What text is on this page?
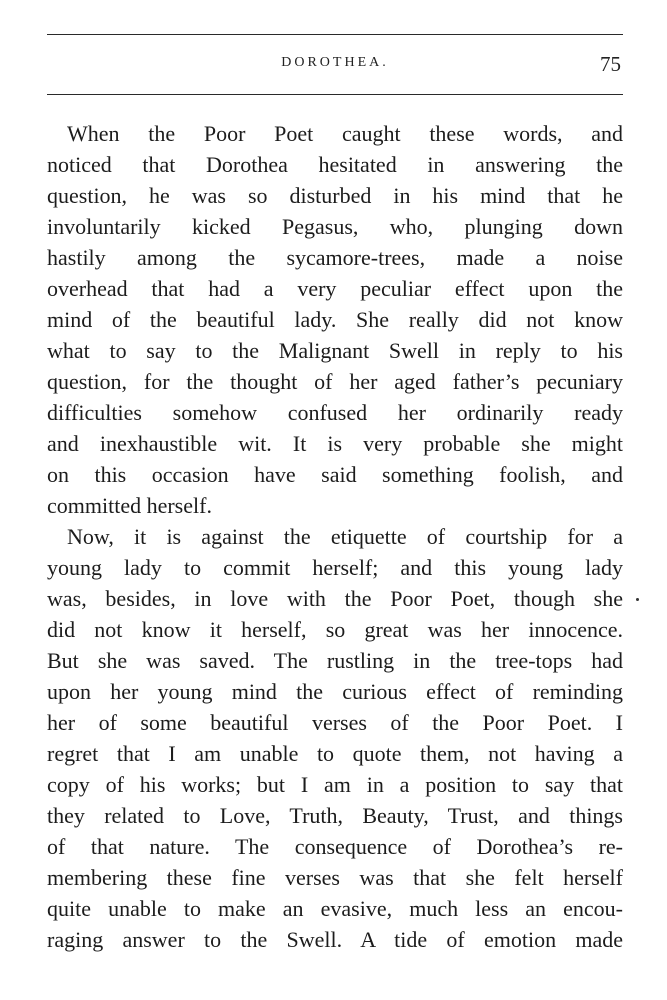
DOROTHEA.	75
When the Poor Poet caught these words, and
noticed that Dorothea hesitated in answering the
question, he was so disturbed in his mind that he
involuntarily kicked Pegasus, who, plunging down
hastily among the sycamore-trees, made a noise
overhead that had a very peculiar effect upon the
mind of the beautiful lady. She really did not know
what to say to the Malignant Swell in reply to his
question, for the thought of her aged father’s pecuniary
difficulties somehow confused her ordinarily ready
and inexhaustible wit. It is very probable she might
on this occasion have said something foolish, and
committed herself.
Now, it is against the etiquette of courtship for a
young lady to commit herself; and this young lady
was, besides, in love with the Poor Poet, though she
did not know it herself, so great was her innocence.
But she was saved. The rustling in the tree-tops had
upon her young mind the curious effect of reminding
her of some beautiful verses of the Poor Poet. I
regret that I am unable to quote them, not having a
copy of his works; but I am in a position to say that
they related to Love, Truth, Beauty, Trust, and things
of that nature. The consequence of Dorothea’s re-
membering these fine verses was that she felt herself
quite unable to make an evasive, much less an encou-
raging answer to the Swell. A tide of emotion made
